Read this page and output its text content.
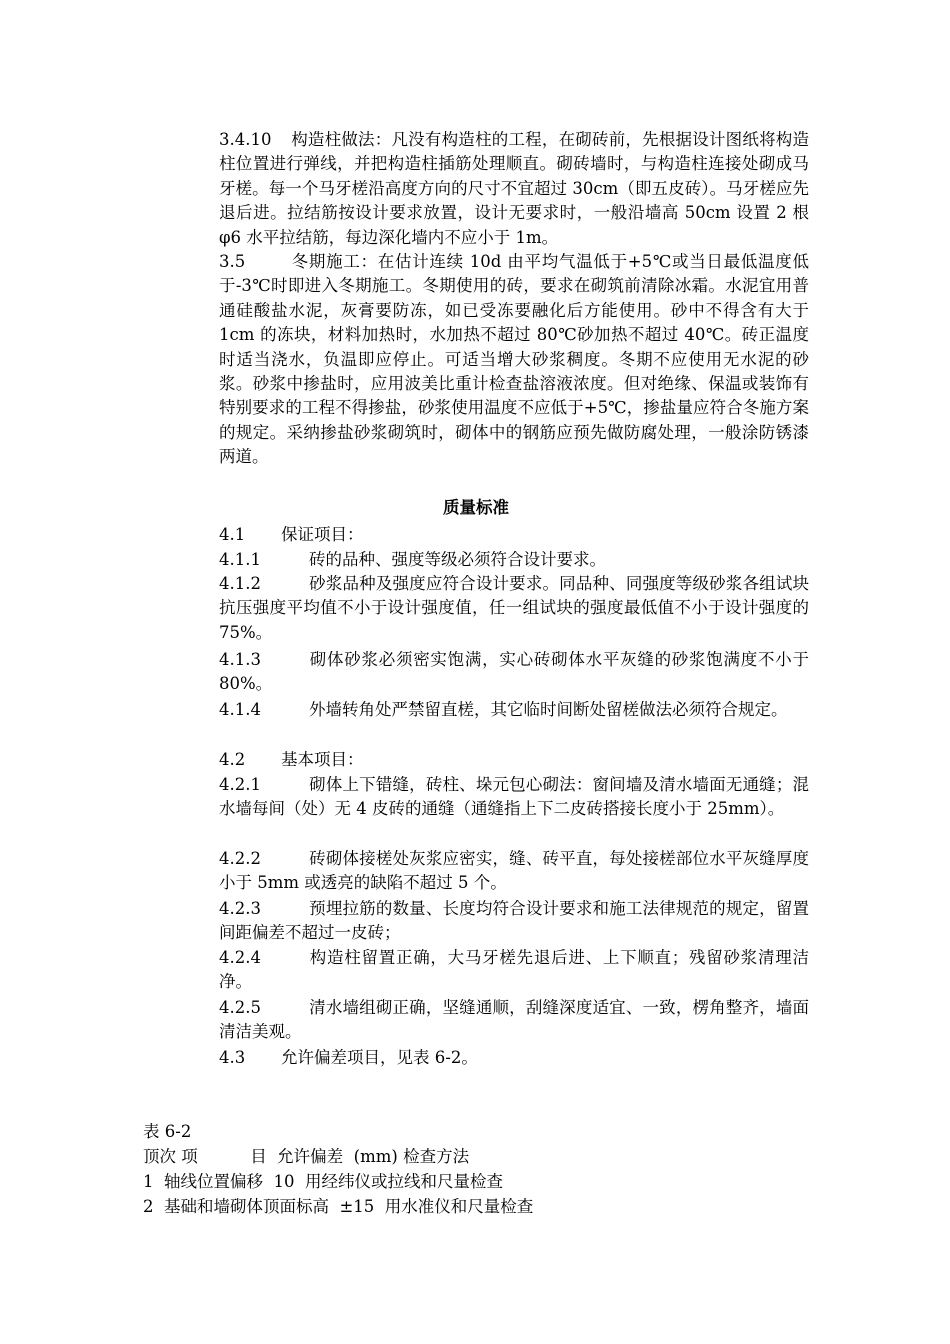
3.4.10 构造柱做法：凡没有构造柱的工程，在砌砖前，先根据设计图纸将构造柱位置进行弹线，并把构造柱插筋处理顺直。砌砖墙时，与构造柱连接处砌成马牙槎。每一个马牙槎沿高度方向的尺寸不宜超过 30cm（即五皮砖）。马牙槎应先退后进。拉结筋按设计要求放置，设计无要求时，一般沿墙高 50cm 设置 2 根 φ6 水平拉结筋，每边深化墙内不应小于 1m。
3.5	冬期施工：在估计连续 10d 由平均气温低于+5℃或当日最低温度低于-3℃时即进入冬期施工。冬期使用的砖，要求在砌筑前清除冰霜。水泥宜用普通硅酸盐水泥，灰膏要防冻，如已受冻要融化后方能使用。砂中不得含有大于 1cm 的冻块，材料加热时，水加热不超过 80℃砂加热不超过 40℃。砖正温度时适当浇水，负温即应停止。可适当增大砂浆稠度。冬期不应使用无水泥的砂浆。砂浆中掺盐时，应用波美比重计检查盐溶液浓度。但对绝缘、保温或装饰有特别要求的工程不得掺盐，砂浆使用温度不应低于+5℃，掺盐量应符合冬施方案的规定。采纳掺盐砂浆砌筑时，砌体中的钢筋应预先做防腐处理，一般涂防锈漆两道。
质量标准
4.1 保证项目：
4.1.1	砖的品种、强度等级必须符合设计要求。
4.1.2	砂浆品种及强度应符合设计要求。同品种、同强度等级砂浆各组试块抗压强度平均值不小于设计强度值，任一组试块的强度最低值不小于设计强度的 75%。
4.1.3	砌体砂浆必须密实饱满，实心砖砌体水平灰缝的砂浆饱满度不小于 80%。
4.1.4	外墙转角处严禁留直槎，其它临时间断处留槎做法必须符合规定。
4.2 基本项目：
4.2.1	砌体上下错缝，砖柱、垛元包心砌法：窗间墙及清水墙面无通缝；混水墙每间（处）无 4 皮砖的通缝（通缝指上下二皮砖搭接长度小于 25mm）。
4.2.2	砖砌体接槎处灰浆应密实，缝、砖平直，每处接槎部位水平灰缝厚度小于 5mm 或透亮的缺陷不超过 5 个。
4.2.3	预埋拉筋的数量、长度均符合设计要求和施工法律规范的规定，留置间距偏差不超过一皮砖；
4.2.4	构造柱留置正确，大马牙槎先退后进、上下顺直；残留砂浆清理洁净。
4.2.5	清水墙组砌正确，坚缝通顺，刮缝深度适宜、一致，楞角整齐，墙面清洁美观。
4.3 允许偏差项目，见表 6-2。
表 6-2
顶次 项          目  允许偏差  (mm) 检查方法
1  轴线位置偏移  10  用经纬仪或拉线和尺量检查
2  基础和墙砌体顶面标高  ±15  用水准仪和尺量检查
